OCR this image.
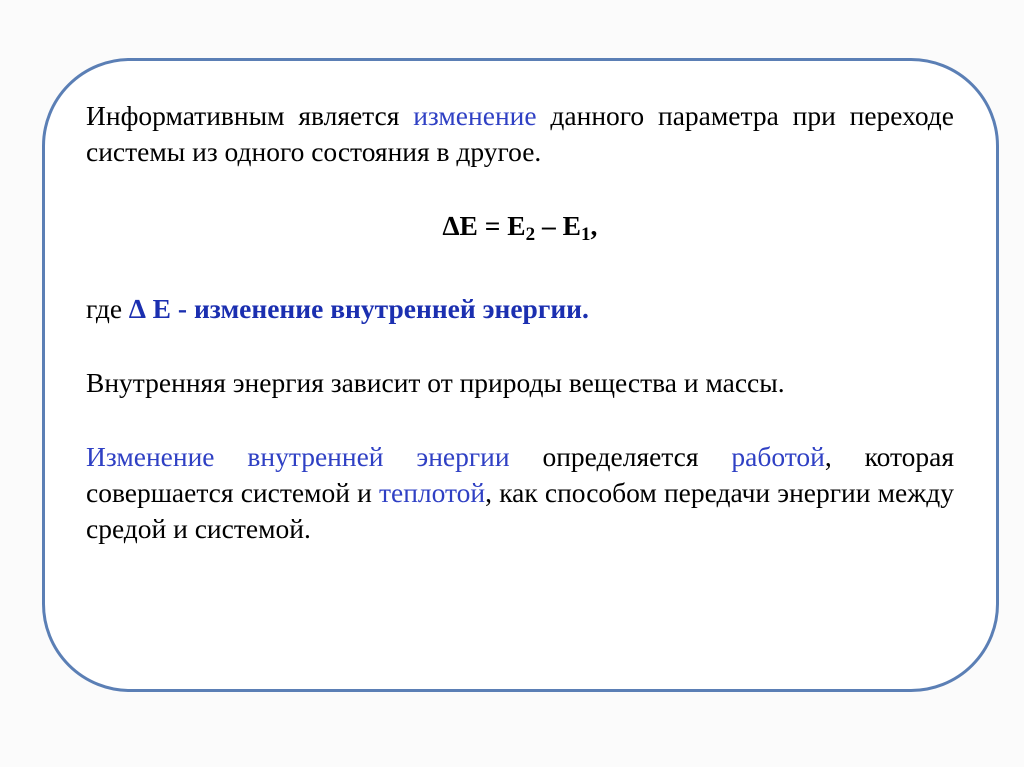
Информативным является изменение данного параметра при переходе системы из одного состояния в другое.

$\Delta E = E_2 - E_1$,

где ∆ E - изменение внутренней энергии.

Внутренняя энергия зависит от природы вещества и массы.

Изменение внутренней энергии определяется работой, которая совершается системой и теплотой, как способом передачи энергии между средой и системой.
